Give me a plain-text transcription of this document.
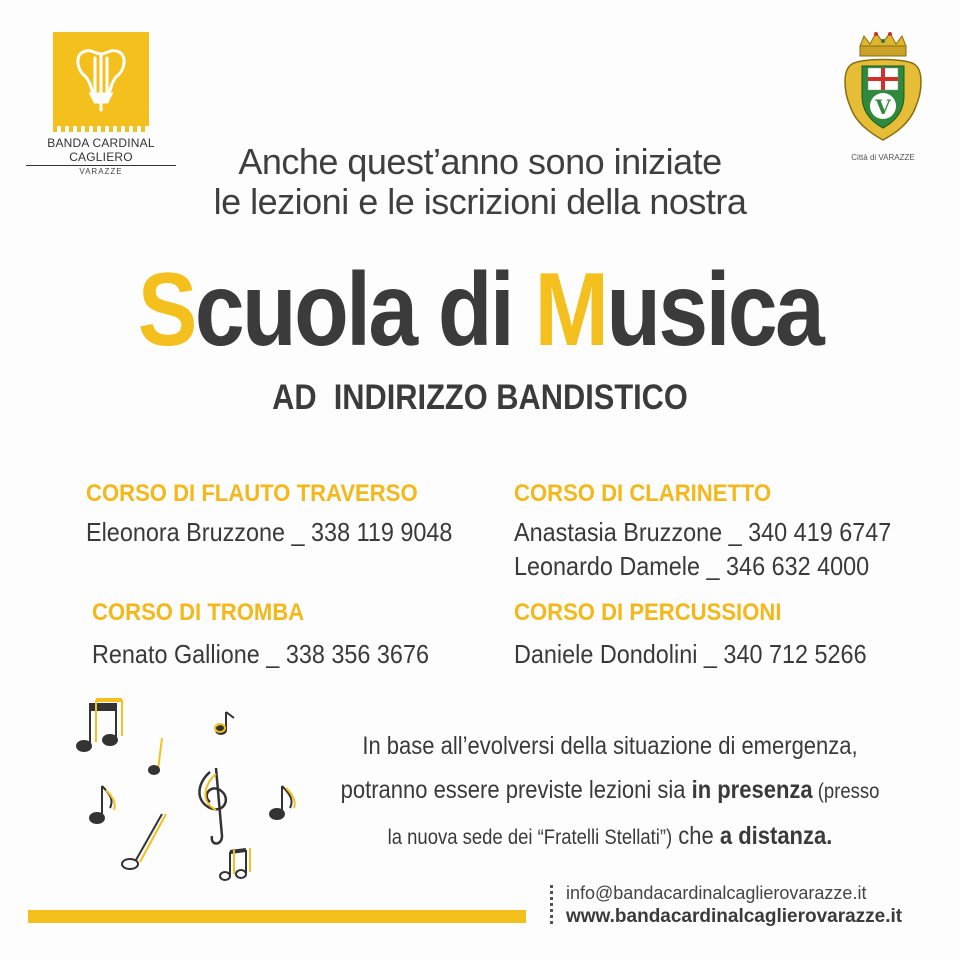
BANDA CARDINAL CAGLIERO
VARAZZE
V
Città di VARAZZE
Anche quest’anno sono iniziate
le lezioni e le iscrizioni della nostra
Scuola di Musica
AD  INDIRIZZO BANDISTICO
CORSO DI FLAUTO TRAVERSO
Eleonora Bruzzone _ 338 119 9048
CORSO DI CLARINETTO
Anastasia Bruzzone _ 340 419 6747
Leonardo Damele _ 346 632 4000
CORSO DI TROMBA
Renato Gallione _ 338 356 3676
CORSO DI PERCUSSIONI
Daniele Dondolini _ 340 712 5266
In base all’evolversi della situazione di emergenza,
potranno essere previste lezioni sia in presenza (presso
la nuova sede dei “Fratelli Stellati”) che a distanza.
info@bandacardinalcaglierovarazze.it
www.bandacardinalcaglierovarazze.it
